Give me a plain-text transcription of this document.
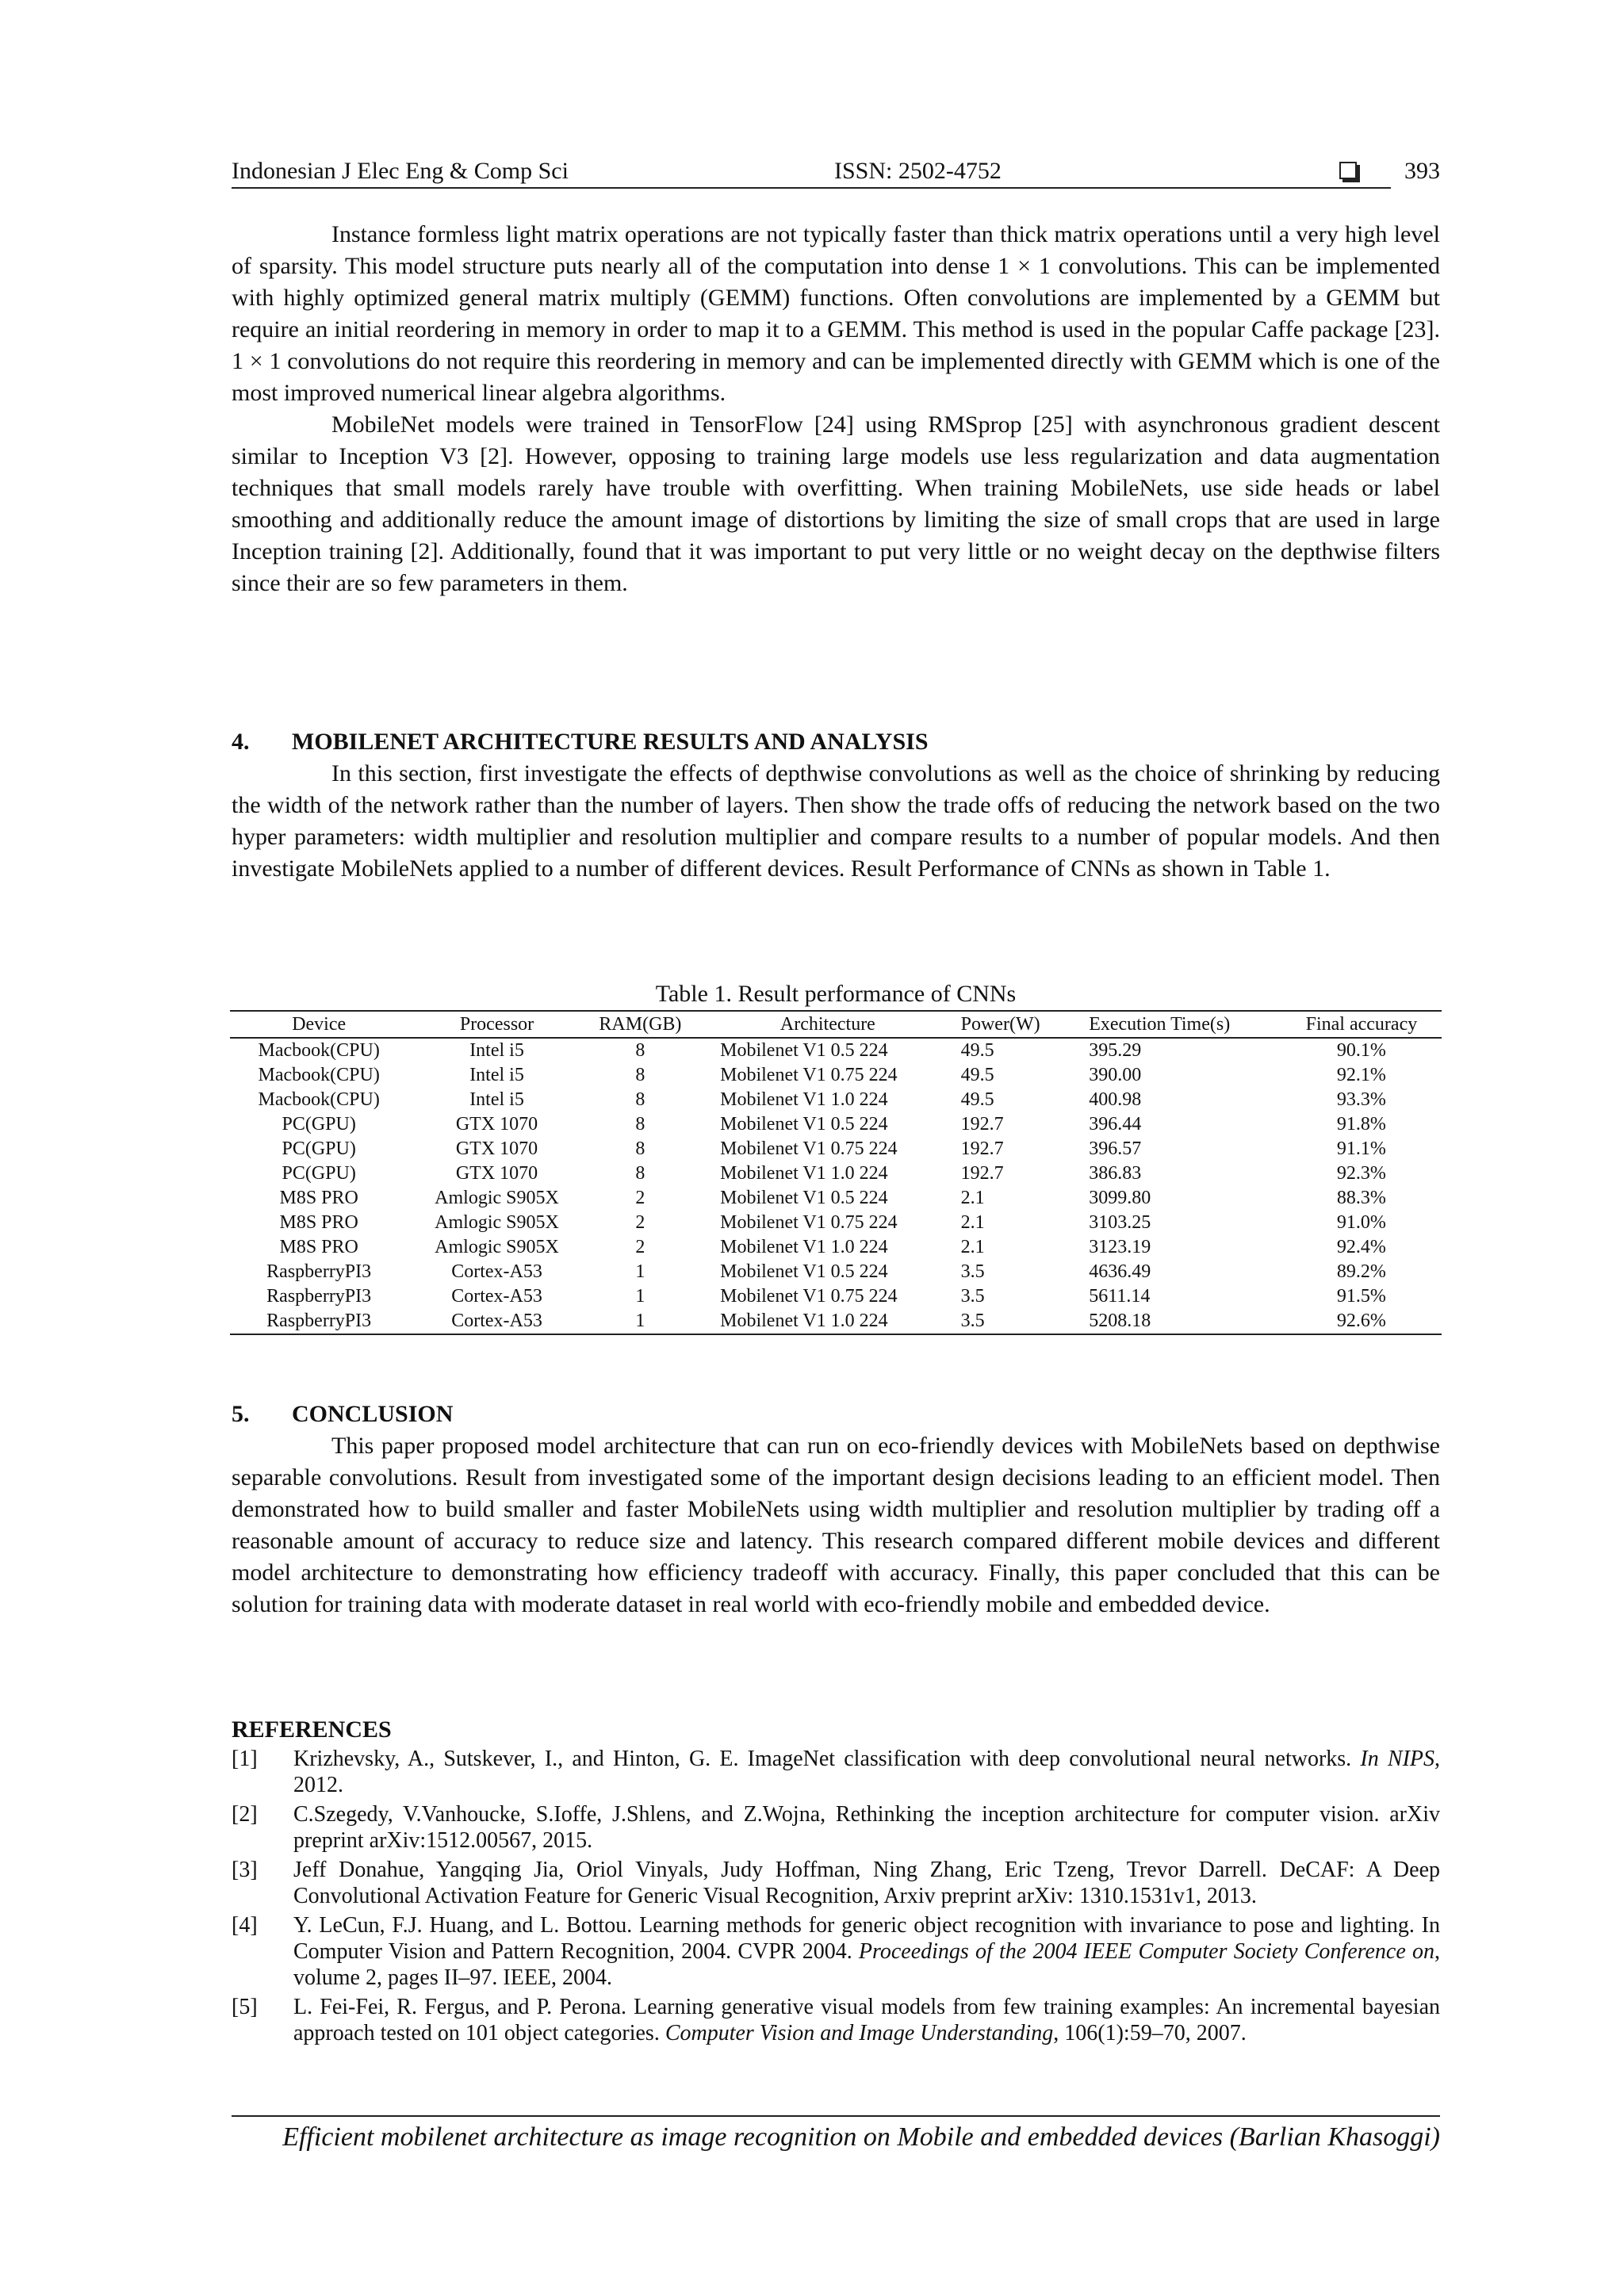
Indonesian J Elec Eng & Comp Sci	ISSN: 2502-4752	393

Instance formless light matrix operations are not typically faster than thick matrix operations until a very high level of sparsity. This model structure puts nearly all of the computation into dense 1 × 1 convolutions. This can be implemented with highly optimized general matrix multiply (GEMM) functions. Often convolutions are implemented by a GEMM but require an initial reordering in memory in order to map it to a GEMM. This method is used in the popular Caffe package [23]. 1 × 1 convolutions do not require this reordering in memory and can be implemented directly with GEMM which is one of the most improved numerical linear algebra algorithms.

MobileNet models were trained in TensorFlow [24] using RMSprop [25] with asynchronous gradient descent similar to Inception V3 [2]. However, opposing to training large models use less regularization and data augmentation techniques that small models rarely have trouble with overfitting. When training MobileNets, use side heads or label smoothing and additionally reduce the amount image of distortions by limiting the size of small crops that are used in large Inception training [2]. Additionally, found that it was important to put very little or no weight decay on the depthwise filters since their are so few parameters in them.

4. MOBILENET ARCHITECTURE RESULTS AND ANALYSIS

In this section, first investigate the effects of depthwise convolutions as well as the choice of shrinking by reducing the width of the network rather than the number of layers. Then show the trade offs of reducing the network based on the two hyper parameters: width multiplier and resolution multiplier and compare results to a number of popular models. And then investigate MobileNets applied to a number of different devices. Result Performance of CNNs as shown in Table 1.

Table 1. Result performance of CNNs
Device	Processor	RAM(GB)	Architecture	Power(W)	Execution Time(s)	Final accuracy
Macbook(CPU)	Intel i5	8	Mobilenet V1 0.5 224	49.5	395.29	90.1%
Macbook(CPU)	Intel i5	8	Mobilenet V1 0.75 224	49.5	390.00	92.1%
Macbook(CPU)	Intel i5	8	Mobilenet V1 1.0 224	49.5	400.98	93.3%
PC(GPU)	GTX 1070	8	Mobilenet V1 0.5 224	192.7	396.44	91.8%
PC(GPU)	GTX 1070	8	Mobilenet V1 0.75 224	192.7	396.57	91.1%
PC(GPU)	GTX 1070	8	Mobilenet V1 1.0 224	192.7	386.83	92.3%
M8S PRO	Amlogic S905X	2	Mobilenet V1 0.5 224	2.1	3099.80	88.3%
M8S PRO	Amlogic S905X	2	Mobilenet V1 0.75 224	2.1	3103.25	91.0%
M8S PRO	Amlogic S905X	2	Mobilenet V1 1.0 224	2.1	3123.19	92.4%
RaspberryPI3	Cortex-A53	1	Mobilenet V1 0.5 224	3.5	4636.49	89.2%
RaspberryPI3	Cortex-A53	1	Mobilenet V1 0.75 224	3.5	5611.14	91.5%
RaspberryPI3	Cortex-A53	1	Mobilenet V1 1.0 224	3.5	5208.18	92.6%
5. CONCLUSION

This paper proposed model architecture that can run on eco-friendly devices with MobileNets based on depthwise separable convolutions. Result from investigated some of the important design decisions leading to an efficient model. Then demonstrated how to build smaller and faster MobileNets using width multiplier and resolution multiplier by trading off a reasonable amount of accuracy to reduce size and latency. This research compared different mobile devices and different model architecture to demonstrating how efficiency tradeoff with accuracy. Finally, this paper concluded that this can be solution for training data with moderate dataset in real world with eco-friendly mobile and embedded device.

REFERENCES
[1]	Krizhevsky, A., Sutskever, I., and Hinton, G. E. ImageNet classification with deep convolutional neural networks. In NIPS, 2012.
[2]	C.Szegedy, V.Vanhoucke, S.Ioffe, J.Shlens, and Z.Wojna, Rethinking the inception architecture for computer vision. arXiv preprint arXiv:1512.00567, 2015.
[3]	Jeff Donahue, Yangqing Jia, Oriol Vinyals, Judy Hoffman, Ning Zhang, Eric Tzeng, Trevor Darrell. DeCAF: A Deep Convolutional Activation Feature for Generic Visual Recognition, Arxiv preprint arXiv: 1310.1531v1, 2013.
[4]	Y. LeCun, F.J. Huang, and L. Bottou. Learning methods for generic object recognition with invariance to pose and lighting. In Computer Vision and Pattern Recognition, 2004. CVPR 2004. Proceedings of the 2004 IEEE Computer Society Conference on, volume 2, pages II–97. IEEE, 2004.
[5]	L. Fei-Fei, R. Fergus, and P. Perona. Learning generative visual models from few training examples: An incremental bayesian approach tested on 101 object categories. Computer Vision and Image Understanding, 106(1):59–70, 2007.
Efficient mobilenet architecture as image recognition on Mobile and embedded devices (Barlian Khasoggi)
